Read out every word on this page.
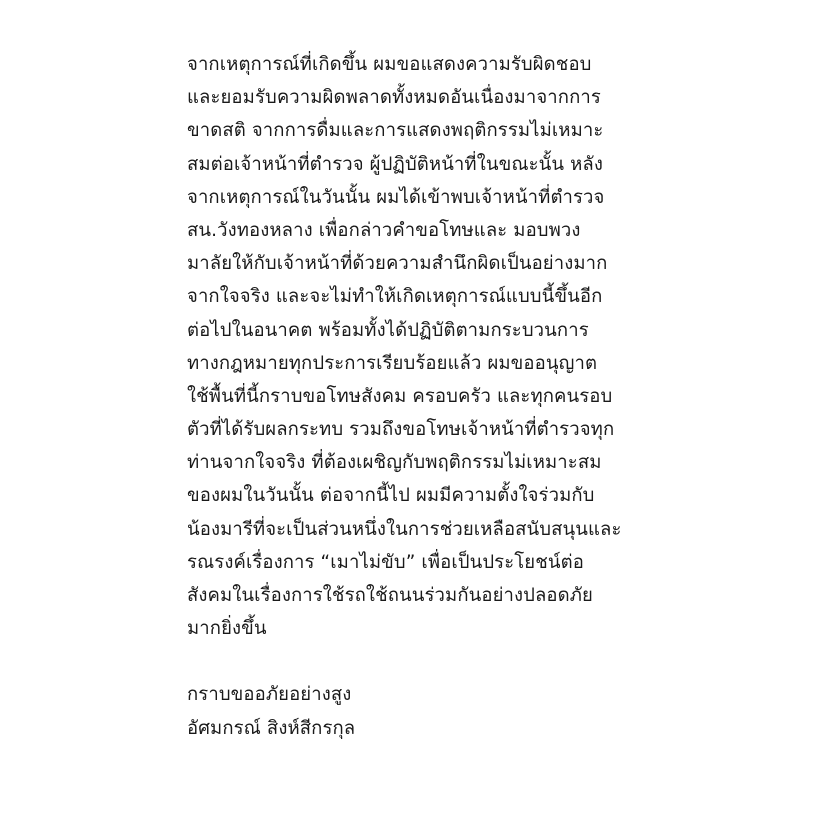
จากเหตุการณ์ที่เกิดขึ้น ผมขอแสดงความรับผิดชอบ
และยอมรับความผิดพลาดทั้งหมดอันเนื่องมาจากการ
ขาดสติ จากการดื่มและการแสดงพฤติกรรมไม่เหมาะ
สมต่อเจ้าหน้าที่ตำรวจ ผู้ปฏิบัติหน้าที่ในขณะนั้น หลัง
จากเหตุการณ์ในวันนั้น ผมได้เข้าพบเจ้าหน้าที่ตำรวจ
สน.วังทองหลาง เพื่อกล่าวคำขอโทษและ มอบพวง
มาลัยให้กับเจ้าหน้าที่ด้วยความสำนึกผิดเป็นอย่างมาก
จากใจจริง และจะไม่ทำให้เกิดเหตุการณ์แบบนี้ขึ้นอีก
ต่อไปในอนาคต พร้อมทั้งได้ปฏิบัติตามกระบวนการ
ทางกฎหมายทุกประการเรียบร้อยแล้ว ผมขออนุญาต
ใช้พื้นที่นี้กราบขอโทษสังคม ครอบครัว และทุกคนรอบ
ตัวที่ได้รับผลกระทบ รวมถึงขอโทษเจ้าหน้าที่ตำรวจทุก
ท่านจากใจจริง ที่ต้องเผชิญกับพฤติกรรมไม่เหมาะสม
ของผมในวันนั้น ต่อจากนี้ไป ผมมีความตั้งใจร่วมกับ
น้องมารีที่จะเป็นส่วนหนึ่งในการช่วยเหลือสนับสนุนและ
รณรงค์เรื่องการ “เมาไม่ขับ” เพื่อเป็นประโยชน์ต่อ
สังคมในเรื่องการใช้รถใช้ถนนร่วมกันอย่างปลอดภัย
มากยิ่งขึ้น
กราบขออภัยอย่างสูง
อัศมกรณ์ สิงห์สีกรกุล
